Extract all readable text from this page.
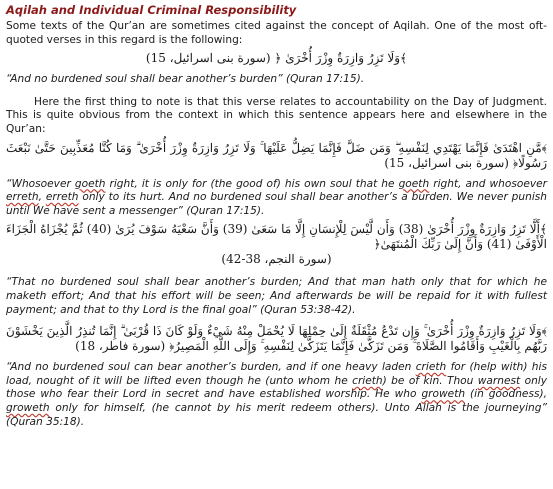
Aqilah and Individual Criminal Responsibility

Some texts of the Qur’an are sometimes cited against the concept of Aqilah. One of the most oft-quoted verses in this regard is the following:

﴾وَلَا تَزِرُ وَازِرَةٌ وِزْرَ أُخْرَىٰ ﴿ (سورة بنى اسرائيل، 15)

“And no burdened soul shall bear another’s burden” (Quran 17:15).

Here the first thing to note is that this verse relates to accountability on the Day of Judgment. This is quite obvious from the context in which this sentence appears here and elsewhere in the Qur’an:

﴾مَّنِ اهْتَدَىٰ فَإِنَّمَا يَهْتَدِي لِنَفْسِهِ ۖ وَمَن ضَلَّ فَإِنَّمَا يَضِلُّ عَلَيْهَا ۚ وَلَا تَزِرُ وَازِرَةٌ وِزْرَ أُخْرَىٰ ۗ وَمَا كُنَّا مُعَذِّبِينَ حَتَّىٰ نَبْعَثَ رَسُولًا﴿ (سورة بنى اسرائيل، 15)

“Whosoever goeth right, it is only for (the good of) his own soul that he goeth right, and whosoever erreth, erreth only to its hurt. And no burdened soul shall bear another’s a burden. We never punish until We have sent a messenger” (Quran 17:15).

﴾أَلَّا تَزِرُ وَازِرَةٌ وِزْرَ أُخْرَىٰ (38) وَأَن لَّيْسَ لِلْإِنسَانِ إِلَّا مَا سَعَىٰ (39) وَأَنَّ سَعْيَهُ سَوْفَ يُرَىٰ (40) ثُمَّ يُجْزَاهُ الْجَزَاءَ الْأَوْفَىٰ (41) وَأَنَّ إِلَىٰ رَبِّكَ الْمُنتَهَىٰ﴿

(سورة النجم، 38-42)

“That no burdened soul shall bear another’s burden; And that man hath only that for which he maketh effort; And that his effort will be seen; And afterwards be will be repaid for it with fullest payment; and that to thy Lord is the final goal” (Quran 53:38-42).

﴾وَلَا تَزِرُ وَازِرَةٌ وِزْرَ أُخْرَىٰ ۚ وَإِن تَدْعُ مُثْقَلَةٌ إِلَىٰ حِمْلِهَا لَا يُحْمَلْ مِنْهُ شَيْءٌ وَلَوْ كَانَ ذَا قُرْبَىٰ ۗ إِنَّمَا تُنذِرُ الَّذِينَ يَخْشَوْنَ رَبَّهُم بِالْغَيْبِ وَأَقَامُوا الصَّلَاةَ ۚ وَمَن تَزَكَّىٰ فَإِنَّمَا يَتَزَكَّىٰ لِنَفْسِهِ ۚ وَإِلَى اللَّهِ الْمَصِيرُ﴿ (سورة فاطر، 18)

“And no burdened soul can bear another’s burden, and if one heavy laden crieth for (help with) his load, nought of it will be lifted even though he (unto whom he crieth) be of kin. Thou warnest only those who fear their Lord in secret and have established worship. He who groweth (in goodness), groweth only for himself, (he cannot by his merit redeem others). Unto Allah is the journeying” (Quran 35:18).
